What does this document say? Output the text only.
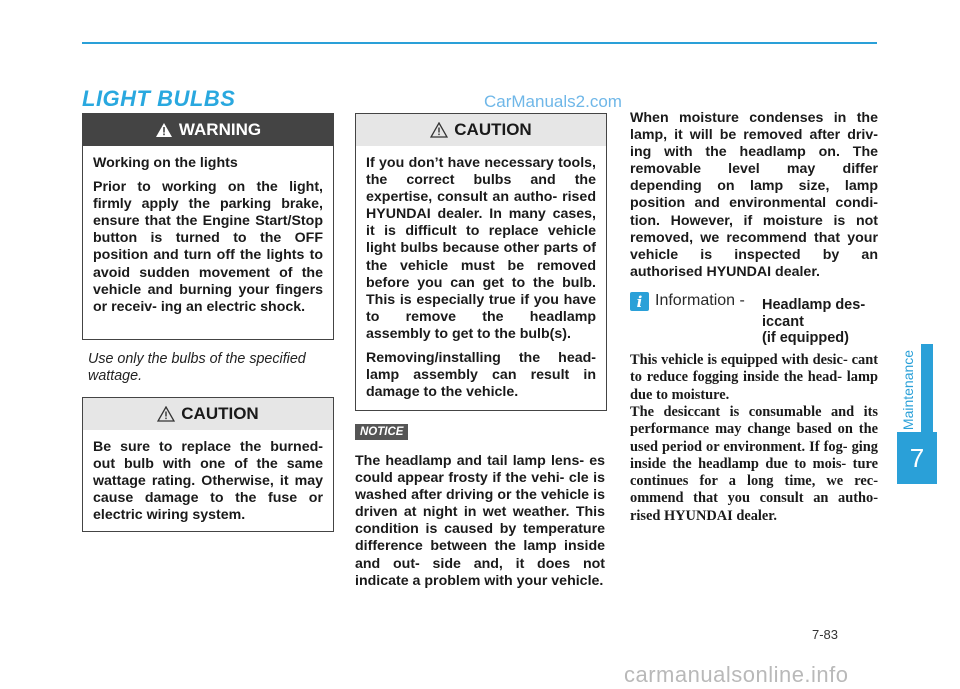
LIGHT BULBS	CarManuals2.com
WARNING

Working on the lights

Prior to working on the light, firmly apply the parking brake, ensure that the Engine Start/Stop button is turned to the OFF position and turn off the lights to avoid sudden movement of the vehicle and burning your fingers or receiv- ing an electric shock.

Use only the bulbs of the specified wattage.
CAUTION

Be sure to replace the burned- out bulb with one of the same wattage rating. Otherwise, it may cause damage to the fuse or electric wiring system.

CAUTION

If you don’t have necessary tools, the correct bulbs and the expertise, consult an autho- rised HYUNDAI dealer. In many cases, it is difficult to replace vehicle light bulbs because other parts of the vehicle must be removed before you can get to the bulb. This is especially true if you have to remove the headlamp assembly to get to the bulb(s).

Removing/installing the head- lamp assembly can result in damage to the vehicle.

NOTICE
The headlamp and tail lamp lens- es could appear frosty if the vehi- cle is washed after driving or the vehicle is driven at night in wet weather. This condition is caused by temperature difference between the lamp inside and out- side and, it does not indicate a problem with your vehicle.
When moisture condenses in the lamp, it will be removed after driv- ing with the headlamp on. The removable level may differ depending on lamp size, lamp position and environmental condi- tion. However, if moisture is not removed, we recommend that your vehicle is inspected by an authorised HYUNDAI dealer.
i Information - Headlamp des- iccant
(if equipped)
This vehicle is equipped with desic- cant to reduce fogging inside the head- lamp due to moisture.
The desiccant is consumable and its performance may change based on the used period or environment. If fog- ging inside the headlamp due to mois- ture continues for a long time, we rec- ommend that you consult an autho- rised HYUNDAI dealer.
Maintenance
7
7-83
carmanualsonline.info
